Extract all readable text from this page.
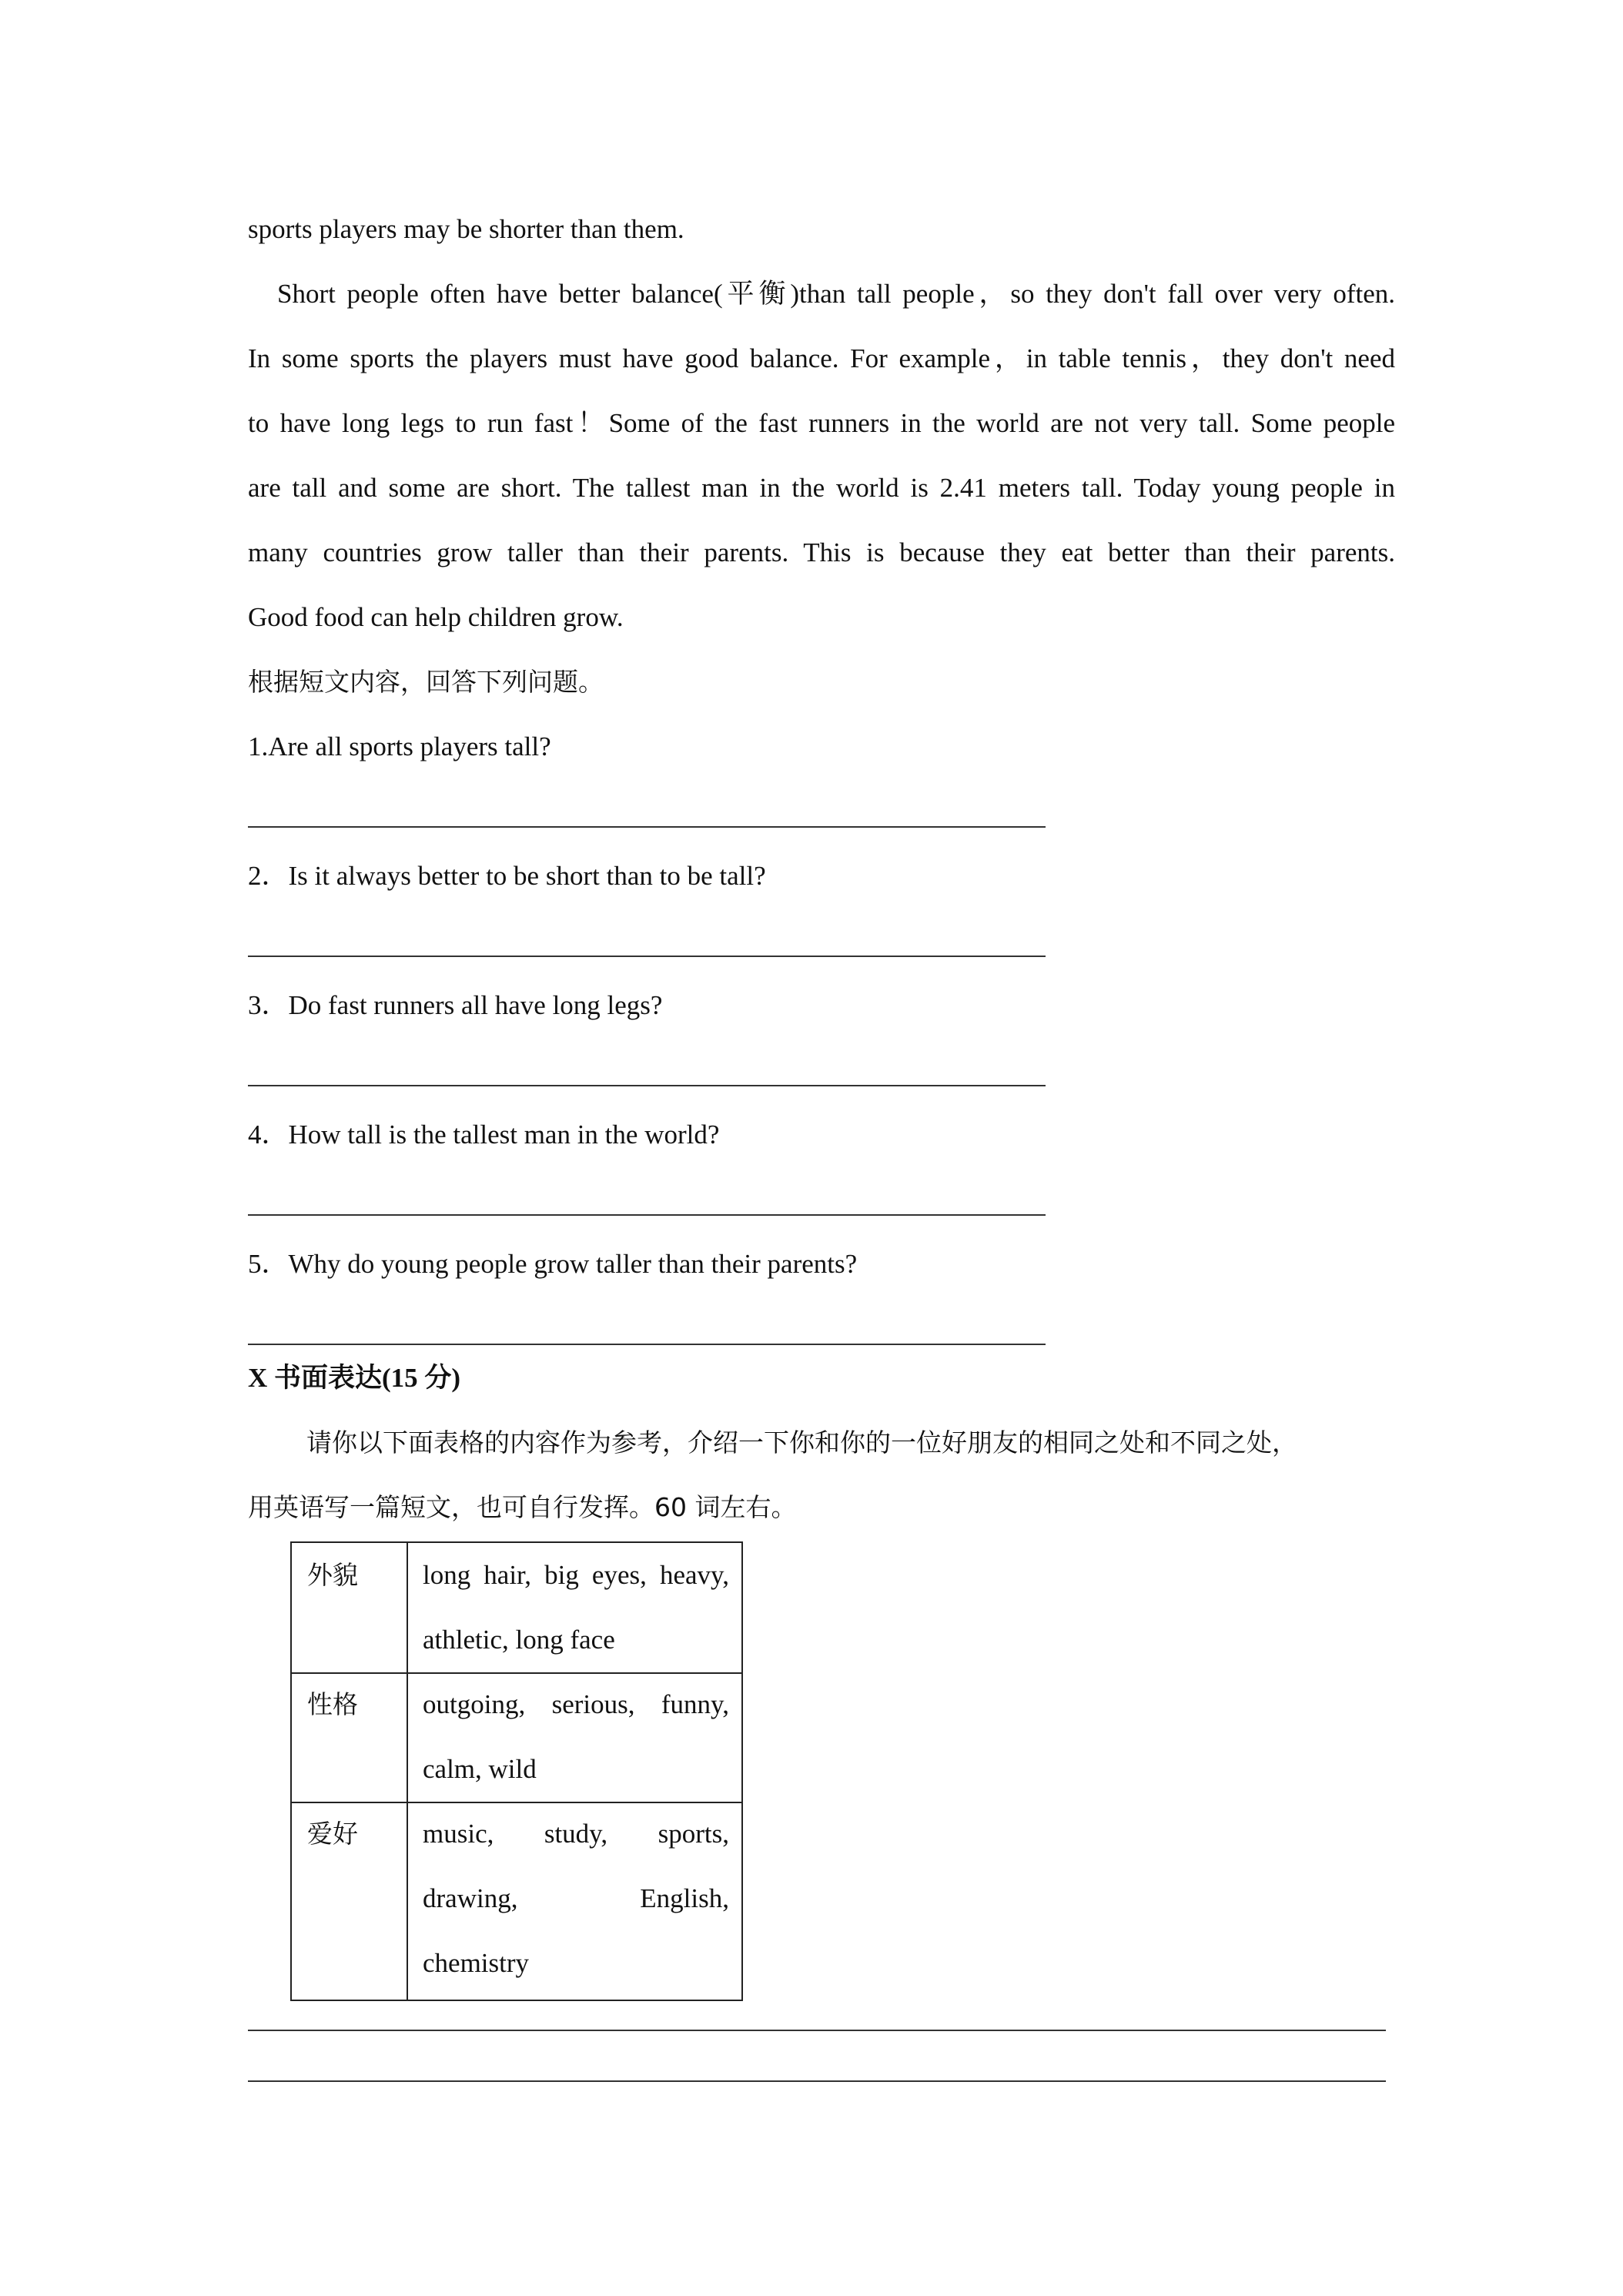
sports players may be shorter than them.
Short people often have better balance(平衡)than tall people，so they don't fall over very often.
In some sports the players must have good balance. For example，in table tennis，they don't need
to have long legs to run fast！Some of the fast runners in the world are not very tall. Some people
are tall and some are short. The tallest man in the world is 2.41 meters tall. Today young people in
many countries grow taller than their parents. This is because they eat better than their parents.
Good food can help children grow.
根据短文内容，回答下列问题。
1.Are all sports players tall?
2．Is it always better to be short than to be tall?
3．Do fast runners all have long legs?
4．How tall is the tallest man in the world?
5．Why do young people grow taller than their parents?
X 书面表达(15 分)
请你以下面表格的内容作为参考，介绍一下你和你的一位好朋友的相同之处和不同之处，
用英语写一篇短文，也可自行发挥。60 词左右。
外貌 long hair, big eyes, heavy,
athletic, long face
性格 outgoing, serious, funny,
calm, wild
爱好 music, study, sports,
drawing, English,
chemistry
